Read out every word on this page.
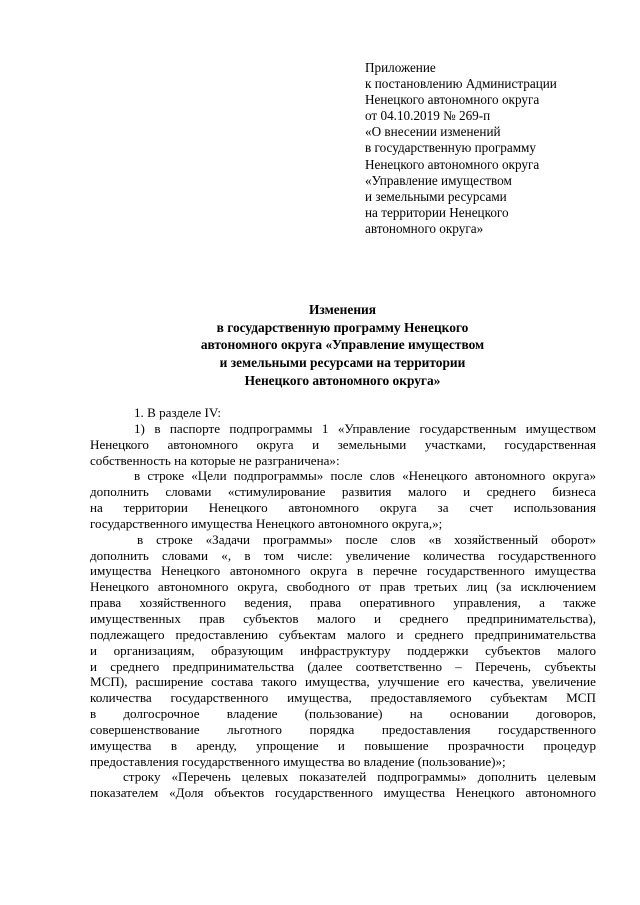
Приложение
к постановлению Администрации
Ненецкого автономного округа
от 04.10.2019 № 269-п
«О внесении изменений
в государственную программу
Ненецкого автономного округа
«Управление имуществом
и земельными ресурсами
на территории Ненецкого
автономного округа»
Изменения
в государственную программу Ненецкого
автономного округа «Управление имуществом
и земельными ресурсами на территории
Ненецкого автономного округа»
1. В разделе IV:
1) в паспорте подпрограммы 1 «Управление государственным имуществом
Ненецкого автономного округа и земельными участками, государственная
собственность на которые не разграничена»:
в строке «Цели подпрограммы» после слов «Ненецкого автономного округа»
дополнить словами «стимулирование развития малого и среднего бизнеса
на территории Ненецкого автономного округа за счет использования
государственного имущества Ненецкого автономного округа,»;
в строке «Задачи программы» после слов «в хозяйственный оборот»
дополнить словами «, в том числе: увеличение количества государственного
имущества Ненецкого автономного округа в перечне государственного имущества
Ненецкого автономного округа, свободного от прав третьих лиц (за исключением
права хозяйственного ведения, права оперативного управления, а также
имущественных прав субъектов малого и среднего предпринимательства),
подлежащего предоставлению субъектам малого и среднего предпринимательства
и организациям, образующим инфраструктуру поддержки субъектов малого
и среднего предпринимательства (далее соответственно – Перечень, субъекты
МСП), расширение состава такого имущества, улучшение его качества, увеличение
количества государственного имущества, предоставляемого субъектам МСП
в долгосрочное владение (пользование) на основании договоров,
совершенствование льготного порядка предоставления государственного
имущества в аренду, упрощение и повышение прозрачности процедур
предоставления государственного имущества во владение (пользование)»;
строку «Перечень целевых показателей подпрограммы» дополнить целевым
показателем «Доля объектов государственного имущества Ненецкого автономного
